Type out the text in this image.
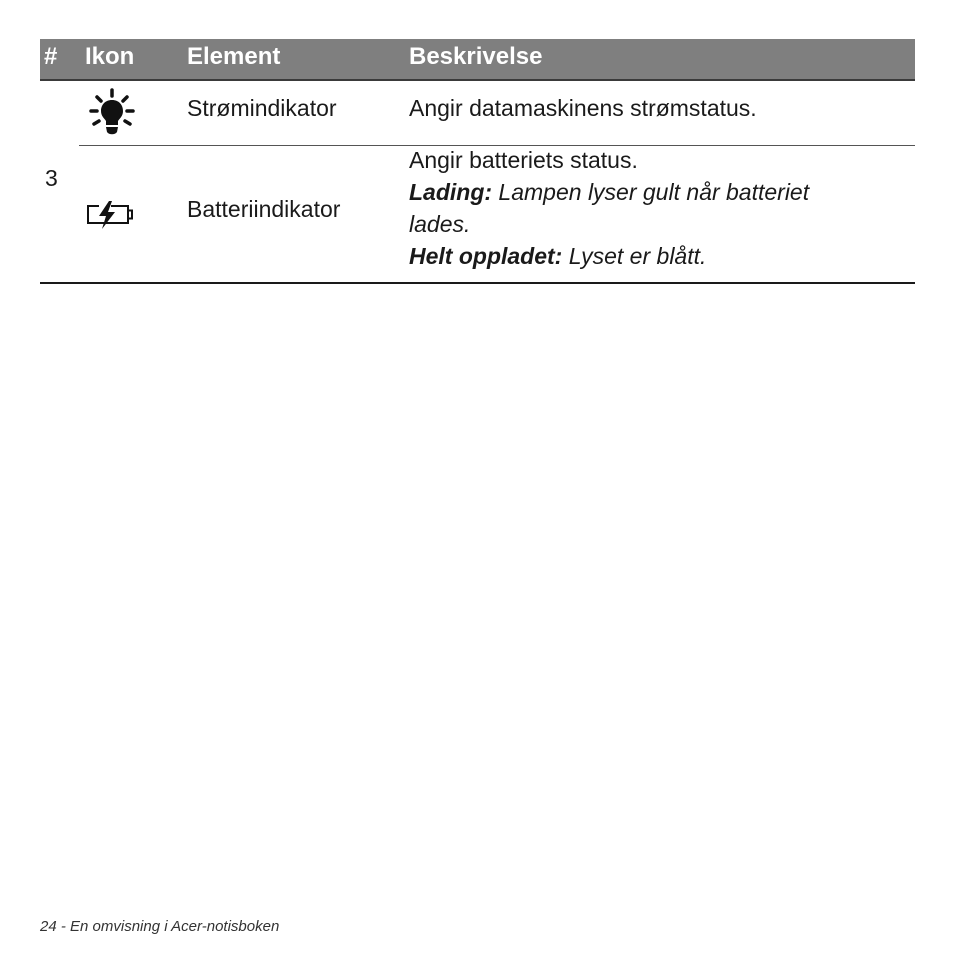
# Ikon Element	Beskrivelse
3
Strømindikator	Angir datamaskinens strømstatus.
Batteriindikator
Angir batteriets status.
Lading: Lampen lyser gult når batteriet
lades.
Helt oppladet: Lyset er blått.
24 - En omvisning i Acer-notisboken
